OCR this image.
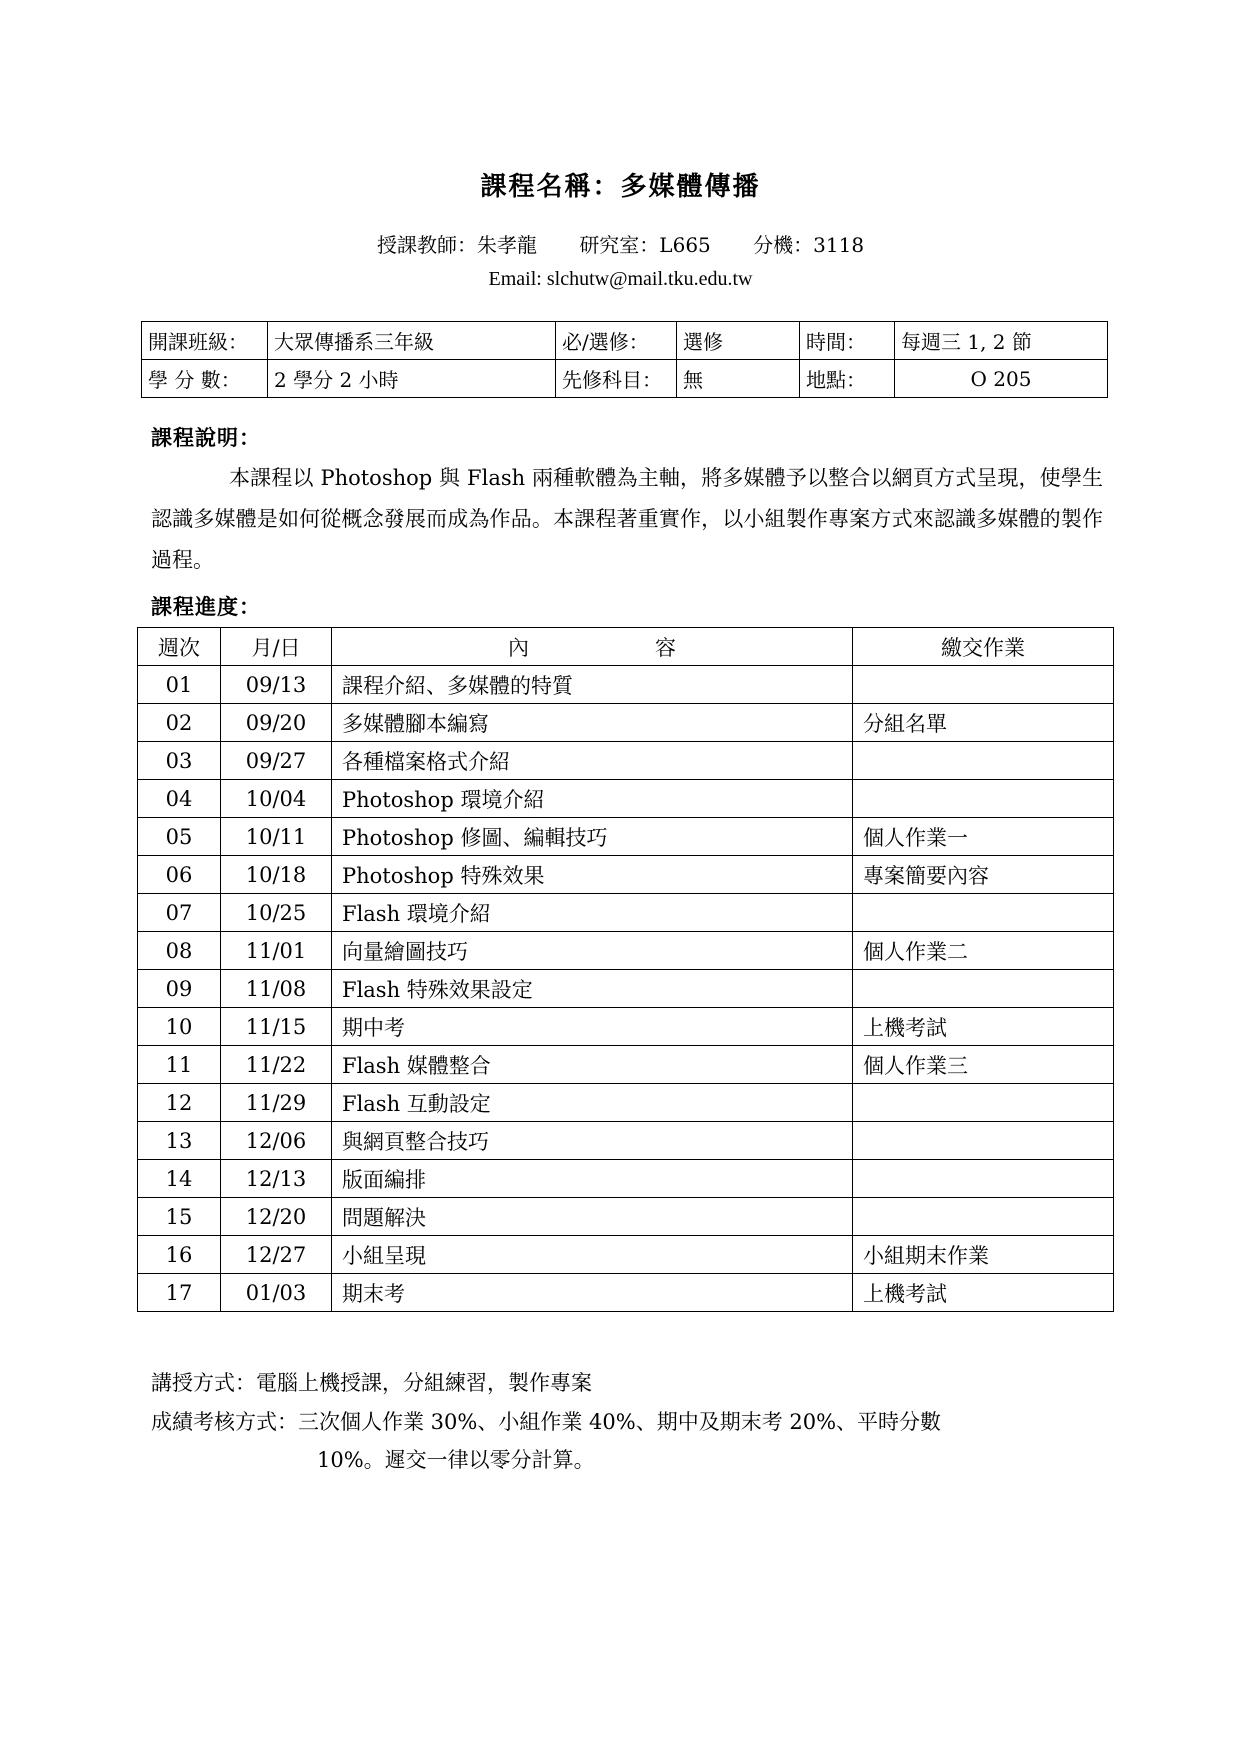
課程名稱：多媒體傳播
授課教師：朱孝龍 研究室：L665 分機：3118
Email: slchutw@mail.tku.edu.tw
開課班級：	大眾傳播系三年級	必/選修：	選修	時間：	每週三 1, 2 節
學 分 數：	2 學分 2 小時	先修科目：	無	地點：	O 205
課程說明：
本課程以 Photoshop 與 Flash 兩種軟體為主軸，將多媒體予以整合以網頁方式呈現，使學生認識多媒體是如何從概念發展而成為作品。本課程著重實作，以小組製作專案方式來認識多媒體的製作過程。
課程進度：
週次	月/日	內　　　　　　容	繳交作業
01	09/13	課程介紹、多媒體的特質	
02	09/20	多媒體腳本編寫	分組名單
03	09/27	各種檔案格式介紹	
04	10/04	Photoshop 環境介紹	
05	10/11	Photoshop 修圖、編輯技巧	個人作業一
06	10/18	Photoshop 特殊效果	專案簡要內容
07	10/25	Flash 環境介紹	
08	11/01	向量繪圖技巧	個人作業二
09	11/08	Flash 特殊效果設定	
10	11/15	期中考	上機考試
11	11/22	Flash 媒體整合	個人作業三
12	11/29	Flash 互動設定	
13	12/06	與網頁整合技巧	
14	12/13	版面編排	
15	12/20	問題解決	
16	12/27	小組呈現	小組期末作業
17	01/03	期末考	上機考試
講授方式：電腦上機授課，分組練習，製作專案
成績考核方式：三次個人作業 30%、小組作業 40%、期中及期末考 20%、平時分數
10%。遲交一律以零分計算。
